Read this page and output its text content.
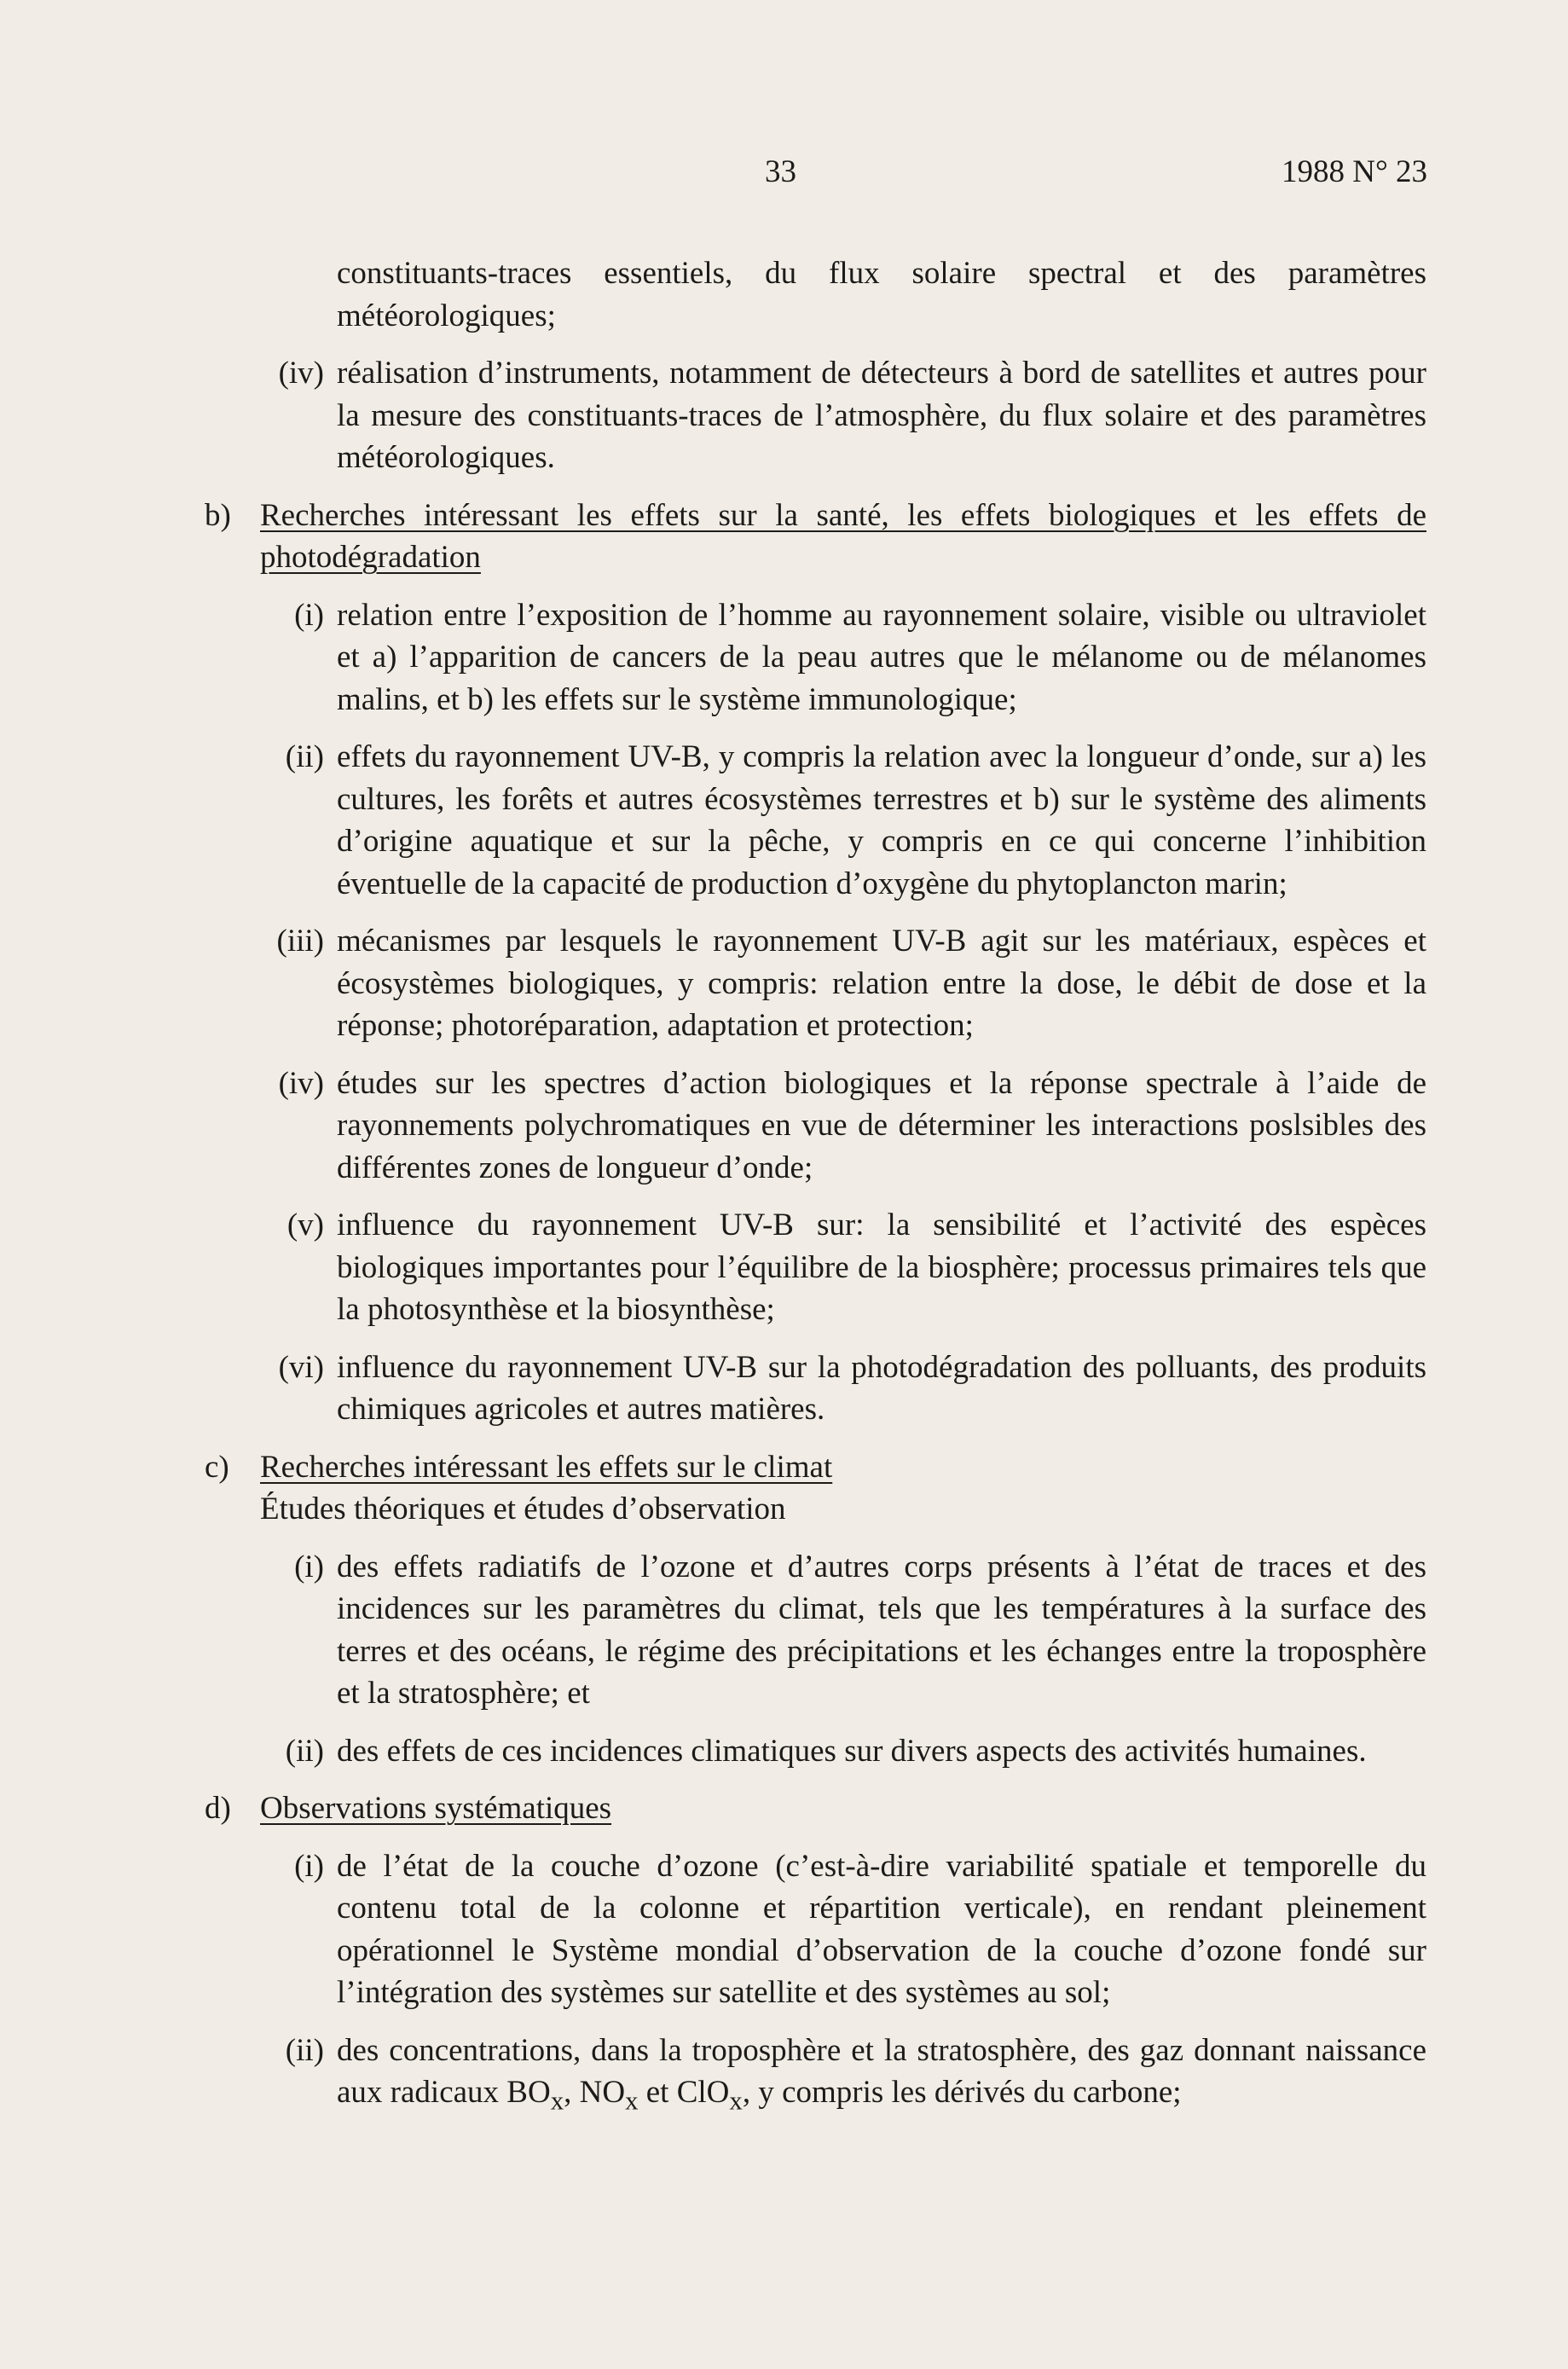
33	1988 N° 23
constituants-traces essentiels, du flux solaire spectral et des paramètres météorologiques;
(iv) réalisation d’instruments, notamment de détecteurs à bord de satellites et autres pour la mesure des constituants-traces de l’atmosphère, du flux solaire et des paramètres météorologiques.
b) Recherches intéressant les effets sur la santé, les effets biologiques et les effets de photodégradation
(i) relation entre l’exposition de l’homme au rayonnement solaire, visible ou ultraviolet et a) l’apparition de cancers de la peau autres que le mélanome ou de mélanomes malins, et b) les effets sur le système immunologique;
(ii) effets du rayonnement UV-B, y compris la relation avec la longueur d’onde, sur a) les cultures, les forêts et autres écosystèmes terrestres et b) sur le système des aliments d’origine aquatique et sur la pêche, y compris en ce qui concerne l’inhibition éventuelle de la capacité de production d’oxygène du phytoplancton marin;
(iii) mécanismes par lesquels le rayonnement UV-B agit sur les matériaux, espèces et écosystèmes biologiques, y compris: relation entre la dose, le débit de dose et la réponse; photoréparation, adaptation et protection;
(iv) études sur les spectres d’action biologiques et la réponse spectrale à l’aide de rayonnements polychromatiques en vue de déterminer les interactions poslsibles des différentes zones de longueur d’onde;
(v) influence du rayonnement UV-B sur: la sensibilité et l’activité des espèces biologiques importantes pour l’équilibre de la biosphère; processus primaires tels que la photosynthèse et la biosynthèse;
(vi) influence du rayonnement UV-B sur la photodégradation des polluants, des produits chimiques agricoles et autres matières.
c) Recherches intéressant les effets sur le climat
Études théoriques et études d’observation
(i) des effets radiatifs de l’ozone et d’autres corps présents à l’état de traces et des incidences sur les paramètres du climat, tels que les températures à la surface des terres et des océans, le régime des précipitations et les échanges entre la troposphère et la stratosphère; et
(ii) des effets de ces incidences climatiques sur divers aspects des activités humaines.
d) Observations systématiques
(i) de l’état de la couche d’ozone (c’est-à-dire variabilité spatiale et temporelle du contenu total de la colonne et répartition verticale), en rendant pleinement opérationnel le Système mondial d’observation de la couche d’ozone fondé sur l’intégration des systèmes sur satellite et des systèmes au sol;
(ii) des concentrations, dans la troposphère et la stratosphère, des gaz donnant naissance aux radicaux $BO_x$, $NO_x$ et ClO$_x$, y compris les dérivés du carbone;
